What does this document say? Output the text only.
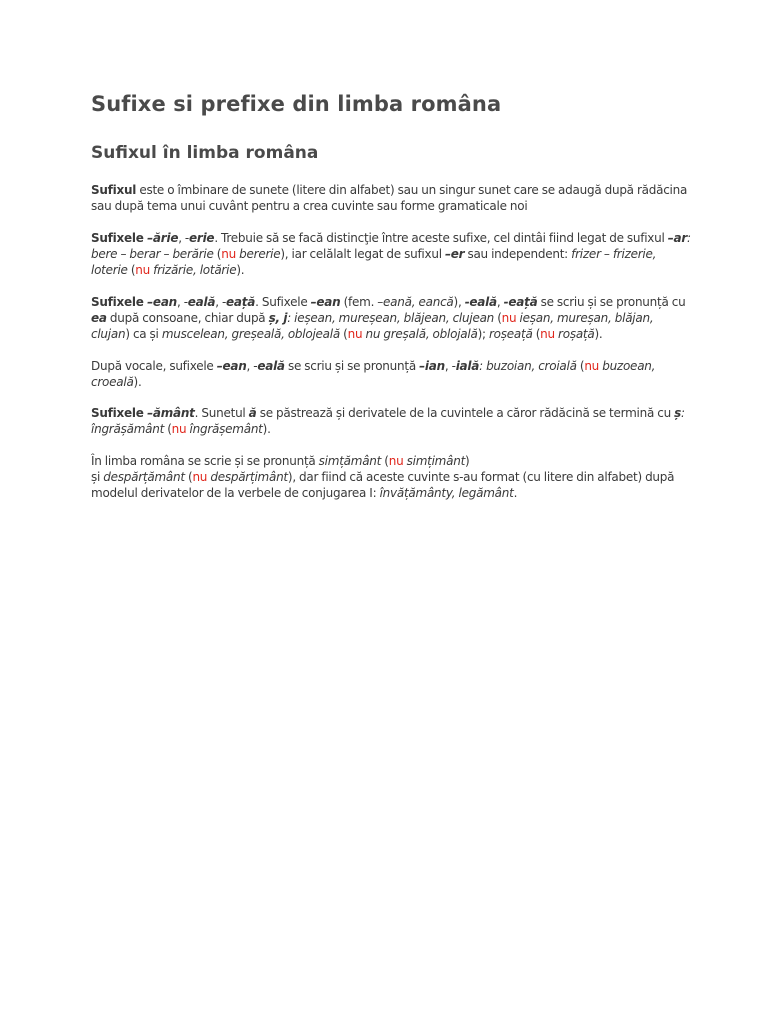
Sufixe si prefixe din limba româna
Sufixul în limba româna

Sufixul este o îmbinare de sunete (litere din alfabet) sau un singur sunet care se adaugă după rădăcina sau după tema unui cuvânt pentru a crea cuvinte sau forme gramaticale noi

Sufixele –ărie, -erie. Trebuie să se facă distincţie între aceste sufixe, cel dintâi fiind legat de sufixul –ar: bere – berar – berărie (nu bererie), iar celălalt legat de sufixul –er sau independent: frizer – frizerie, loterie (nu frizărie, lotărie).

Sufixele –ean, -eală, -eață. Sufixele –ean (fem. –eană, eancă), -eală, -eață se scriu și se pronunță cu ea după consoane, chiar după ș, j: ieșean, mureșean, blăjean, clujean (nu ieșan, mureșan, blăjan, clujan) ca și muscelean, greșeală, oblojeală (nu nu greșală, oblojală); roșeață (nu roșață).

După vocale, sufixele –ean, -eală se scriu și se pronunță –ian, -ială: buzoian, croială (nu buzoean, croeală).

Sufixele –ământ. Sunetul ă se păstrează și derivatele de la cuvintele a căror rădăcină se termină cu ș: îngrășământ (nu îngrășemânt).

În limba româna se scrie și se pronunță simțământ (nu simțimânt)
și despărțământ (nu despărțimânt), dar fiind că aceste cuvinte s-au format (cu litere din alfabet) după modelul derivatelor de la verbele de conjugarea I: învățământy, legământ.
